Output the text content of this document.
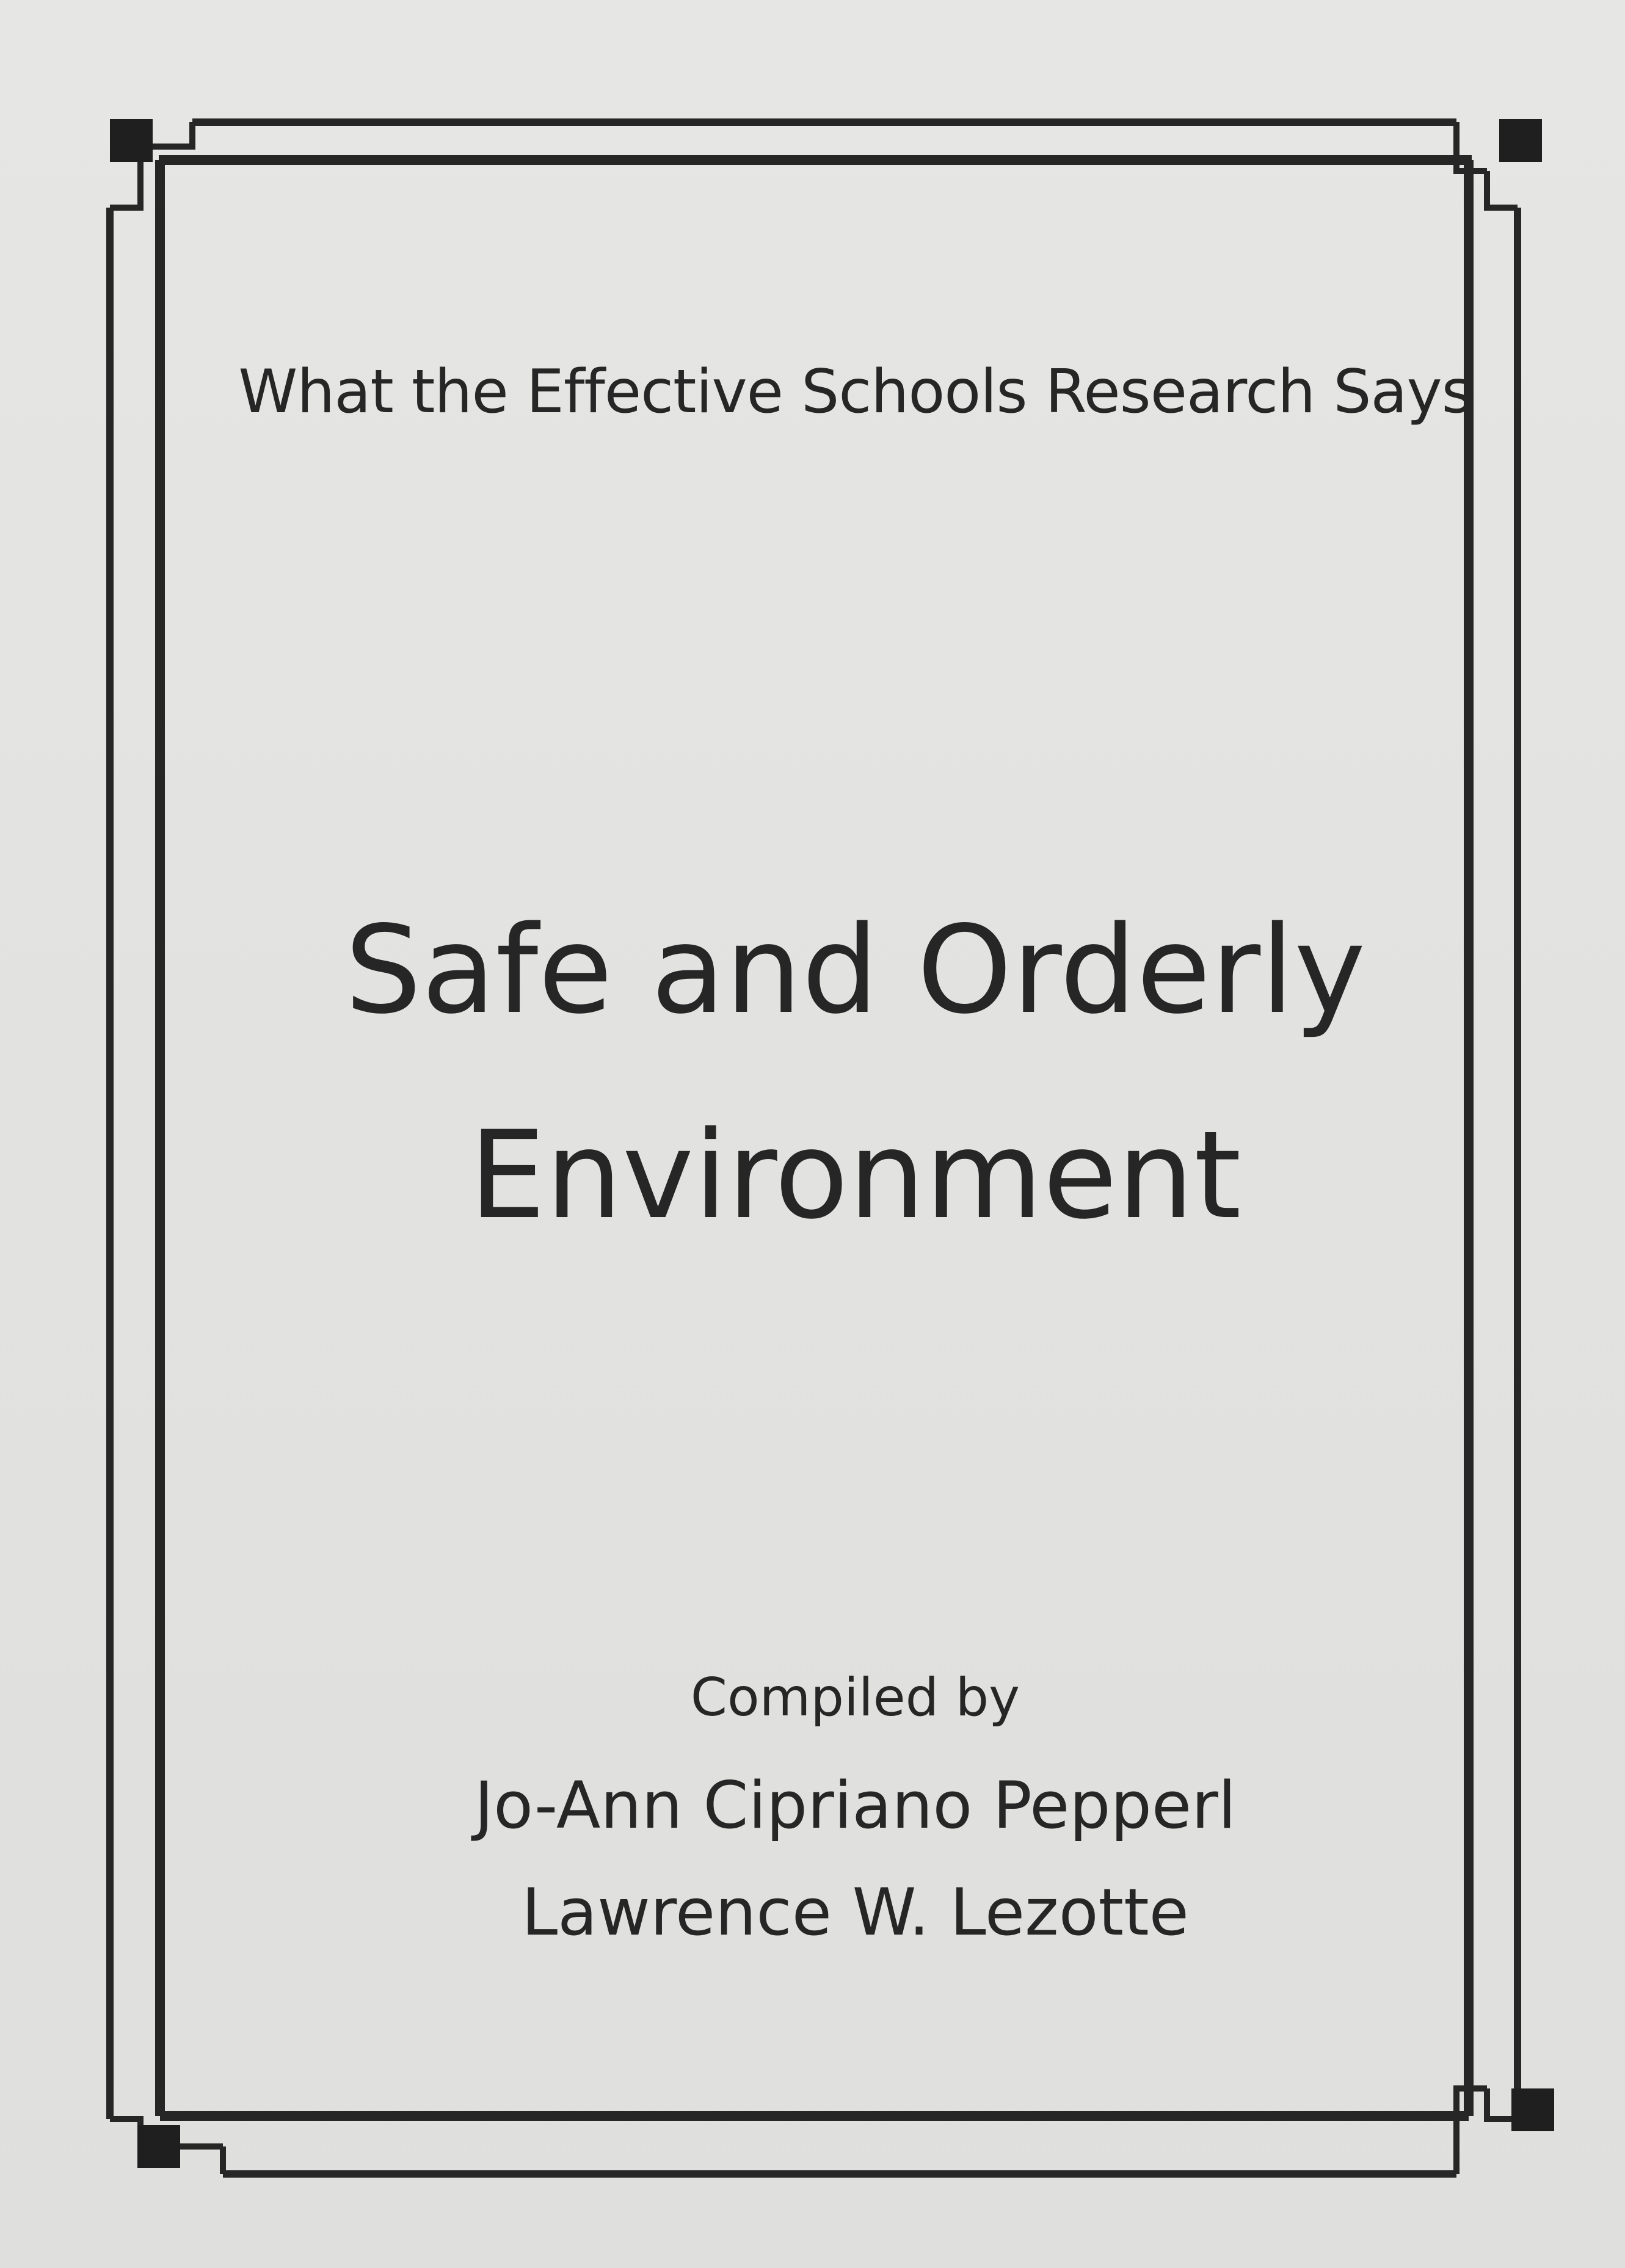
What the Effective Schools Research Says
Safe and Orderly
Environment
Compiled by
Jo-Ann Cipriano Pepperl
Lawrence W. Lezotte
